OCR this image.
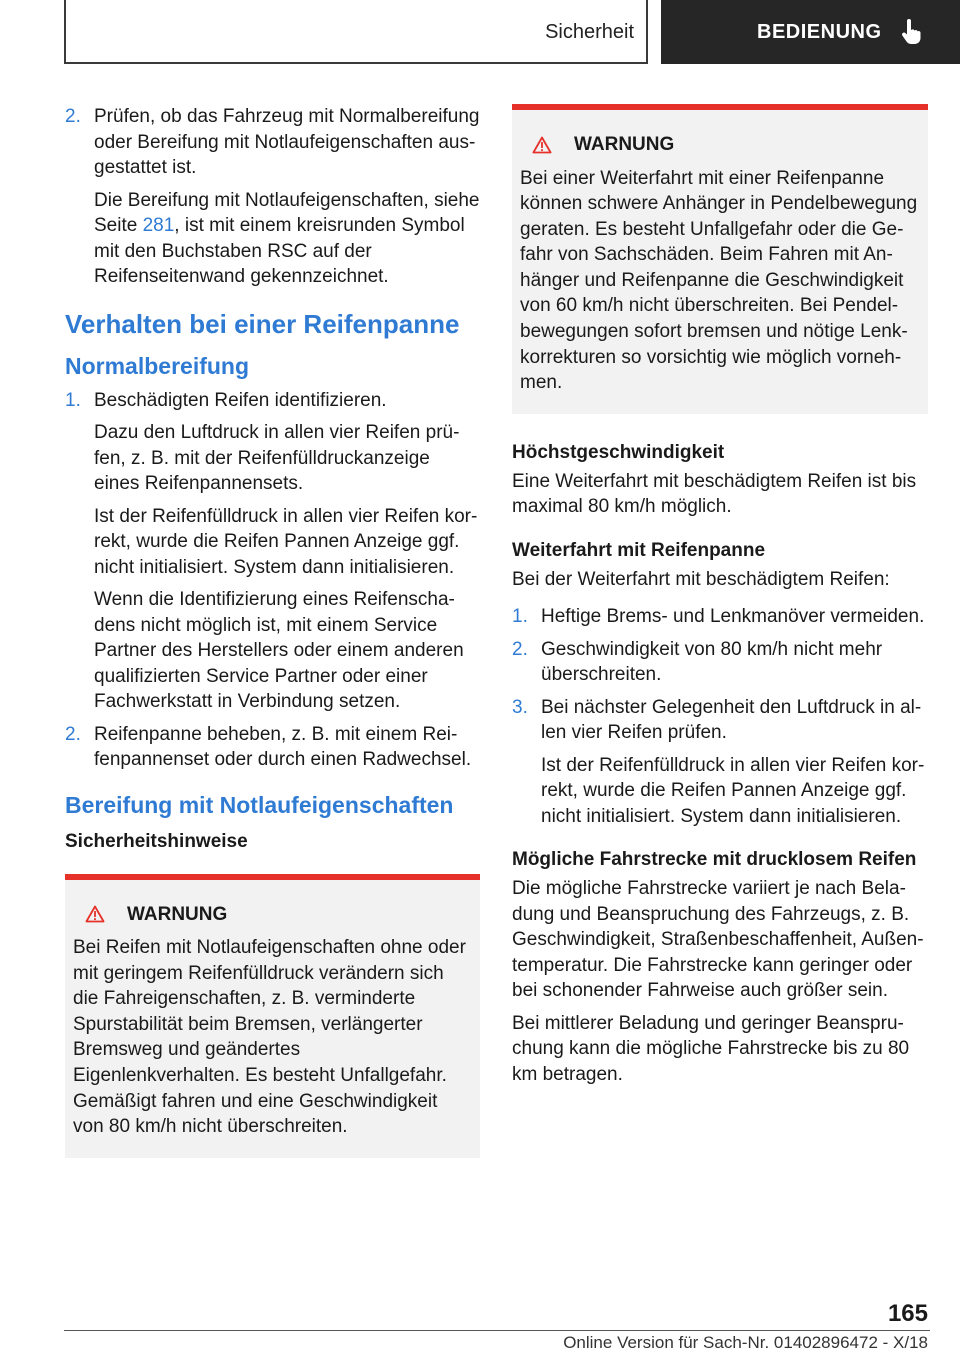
Sicherheit	BEDIENUNG
2. Prüfen, ob das Fahrzeug mit Normalbereifung oder Bereifung mit Notlaufeigenschaften ausgestattet ist.

Die Bereifung mit Notlaufeigenschaften, siehe Seite 281, ist mit einem kreisrunden Symbol mit den Buchstaben RSC auf der Reifenseitenwand gekennzeichnet.

Verhalten bei einer Reifenpanne
Normalbereifung
1. Beschädigten Reifen identifizieren.

Dazu den Luftdruck in allen vier Reifen prüfen, z. B. mit der Reifenfülldruckanzeige eines Reifenpannensets.

Ist der Reifenfülldruck in allen vier Reifen korrekt, wurde die Reifen Pannen Anzeige ggf. nicht initialisiert. System dann initialisieren.

Wenn die Identifizierung eines Reifenschadens nicht möglich ist, mit einem Service Partner des Herstellers oder einem anderen qualifizierten Service Partner oder einer Fachwerkstatt in Verbindung setzen.

2. Reifenpanne beheben, z. B. mit einem Reifenpannenset oder durch einen Radwechsel.

Bereifung mit Notlaufeigenschaften
Sicherheitshinweise
WARNUNG
Bei Reifen mit Notlaufeigenschaften ohne oder mit geringem Reifenfülldruck verändern sich die Fahreigenschaften, z. B. verminderte Spurstabilität beim Bremsen, verlängerter Bremsweg und geändertes Eigenlenkverhalten. Es besteht Unfallgefahr. Gemäßigt fahren und eine Geschwindigkeit von 80 km/h nicht überschreiten.
WARNUNG
Bei einer Weiterfahrt mit einer Reifenpanne können schwere Anhänger in Pendelbewegung geraten. Es besteht Unfallgefahr oder die Gefahr von Sachschäden. Beim Fahren mit Anhänger und Reifenpanne die Geschwindigkeit von 60 km/h nicht überschreiten. Bei Pendelbewegungen sofort bremsen und nötige Lenkkorrekturen so vorsichtig wie möglich vornehmen.
Höchstgeschwindigkeit

Eine Weiterfahrt mit beschädigtem Reifen ist bis maximal 80 km/h möglich.

Weiterfahrt mit Reifenpanne

Bei der Weiterfahrt mit beschädigtem Reifen:

1. Heftige Brems- und Lenkmanöver vermeiden.

2. Geschwindigkeit von 80 km/h nicht mehr überschreiten.

3. Bei nächster Gelegenheit den Luftdruck in allen vier Reifen prüfen.

Ist der Reifenfülldruck in allen vier Reifen korrekt, wurde die Reifen Pannen Anzeige ggf. nicht initialisiert. System dann initialisieren.

Mögliche Fahrstrecke mit drucklosem Reifen

Die mögliche Fahrstrecke variiert je nach Beladung und Beanspruchung des Fahrzeugs, z. B. Geschwindigkeit, Straßenbeschaffenheit, Außentemperatur. Die Fahrstrecke kann geringer oder bei schonender Fahrweise auch größer sein.

Bei mittlerer Beladung und geringer Beanspruchung kann die mögliche Fahrstrecke bis zu 80 km betragen.

165
Online Version für Sach-Nr. 01402896472 - X/18
